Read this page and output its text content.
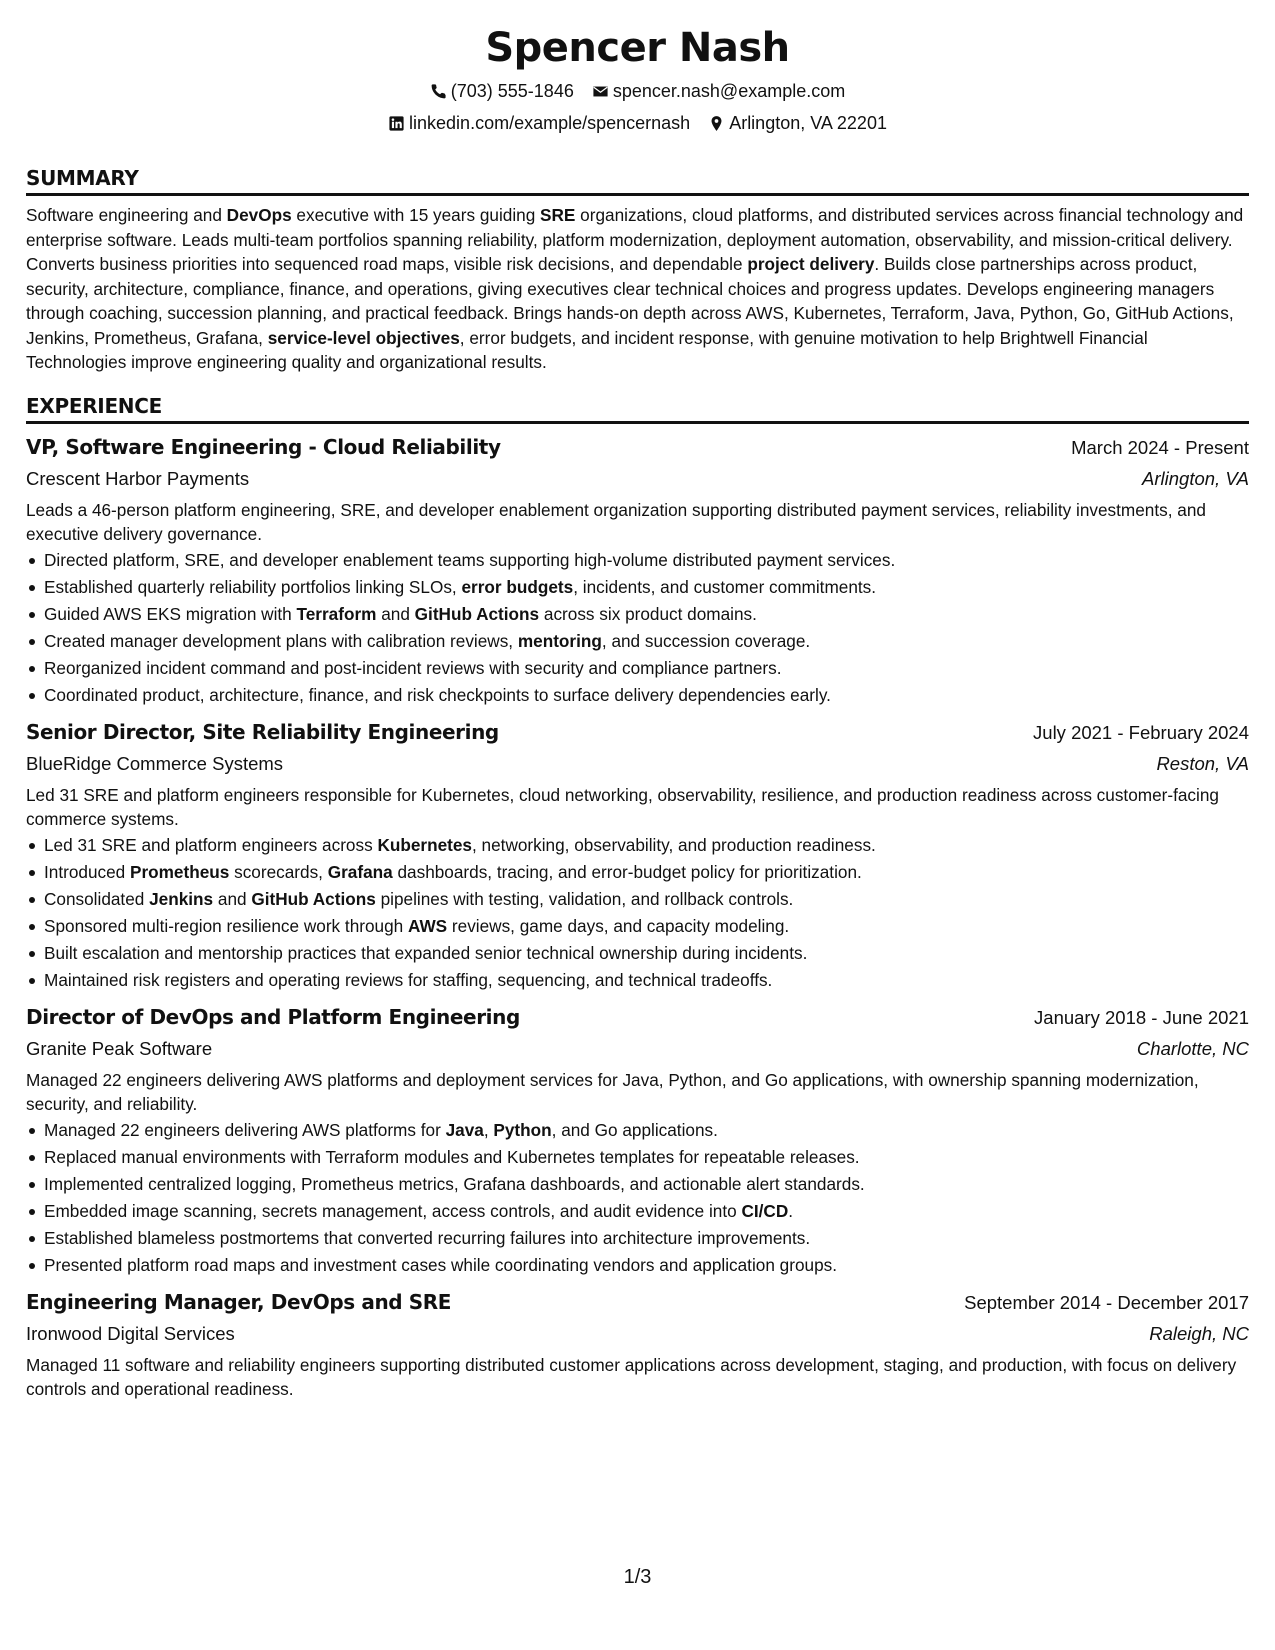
Spencer Nash
(703) 555-1846 spencer.nash@example.com
linkedin.com/example/spencernash Arlington, VA 22201
SUMMARY

Software engineering and DevOps executive with 15 years guiding SRE organizations, cloud platforms, and distributed services across financial technology and enterprise software. Leads multi-team portfolios spanning reliability, platform modernization, deployment automation, observability, and mission-critical delivery. Converts business priorities into sequenced road maps, visible risk decisions, and dependable project delivery. Builds close partnerships across product, security, architecture, compliance, finance, and operations, giving executives clear technical choices and progress updates. Develops engineering managers through coaching, succession planning, and practical feedback. Brings hands-on depth across AWS, Kubernetes, Terraform, Java, Python, Go, GitHub Actions, Jenkins, Prometheus, Grafana, service-level objectives, error budgets, and incident response, with genuine motivation to help Brightwell Financial Technologies improve engineering quality and organizational results.

EXPERIENCE
VP, Software Engineering - Cloud Reliability	March 2024 - Present
Crescent Harbor Payments	Arlington, VA

Leads a 46-person platform engineering, SRE, and developer enablement organization supporting distributed payment services, reliability investments, and executive delivery governance.

Directed platform, SRE, and developer enablement teams supporting high-volume distributed payment services.
Established quarterly reliability portfolios linking SLOs, error budgets, incidents, and customer commitments.
Guided AWS EKS migration with Terraform and GitHub Actions across six product domains.
Created manager development plans with calibration reviews, mentoring, and succession coverage.
Reorganized incident command and post-incident reviews with security and compliance partners.
Coordinated product, architecture, finance, and risk checkpoints to surface delivery dependencies early.
Senior Director, Site Reliability Engineering	July 2021 - February 2024
BlueRidge Commerce Systems	Reston, VA

Led 31 SRE and platform engineers responsible for Kubernetes, cloud networking, observability, resilience, and production readiness across customer-facing commerce systems.

Led 31 SRE and platform engineers across Kubernetes, networking, observability, and production readiness.
Introduced Prometheus scorecards, Grafana dashboards, tracing, and error-budget policy for prioritization.
Consolidated Jenkins and GitHub Actions pipelines with testing, validation, and rollback controls.
Sponsored multi-region resilience work through AWS reviews, game days, and capacity modeling.
Built escalation and mentorship practices that expanded senior technical ownership during incidents.
Maintained risk registers and operating reviews for staffing, sequencing, and technical tradeoffs.
Director of DevOps and Platform Engineering	January 2018 - June 2021
Granite Peak Software	Charlotte, NC

Managed 22 engineers delivering AWS platforms and deployment services for Java, Python, and Go applications, with ownership spanning modernization, security, and reliability.

Managed 22 engineers delivering AWS platforms for Java, Python, and Go applications.
Replaced manual environments with Terraform modules and Kubernetes templates for repeatable releases.
Implemented centralized logging, Prometheus metrics, Grafana dashboards, and actionable alert standards.
Embedded image scanning, secrets management, access controls, and audit evidence into CI/CD.
Established blameless postmortems that converted recurring failures into architecture improvements.
Presented platform road maps and investment cases while coordinating vendors and application groups.
Engineering Manager, DevOps and SRE	September 2014 - December 2017
Ironwood Digital Services	Raleigh, NC

Managed 11 software and reliability engineers supporting distributed customer applications across development, staging, and production, with focus on delivery controls and operational readiness.

1/3
